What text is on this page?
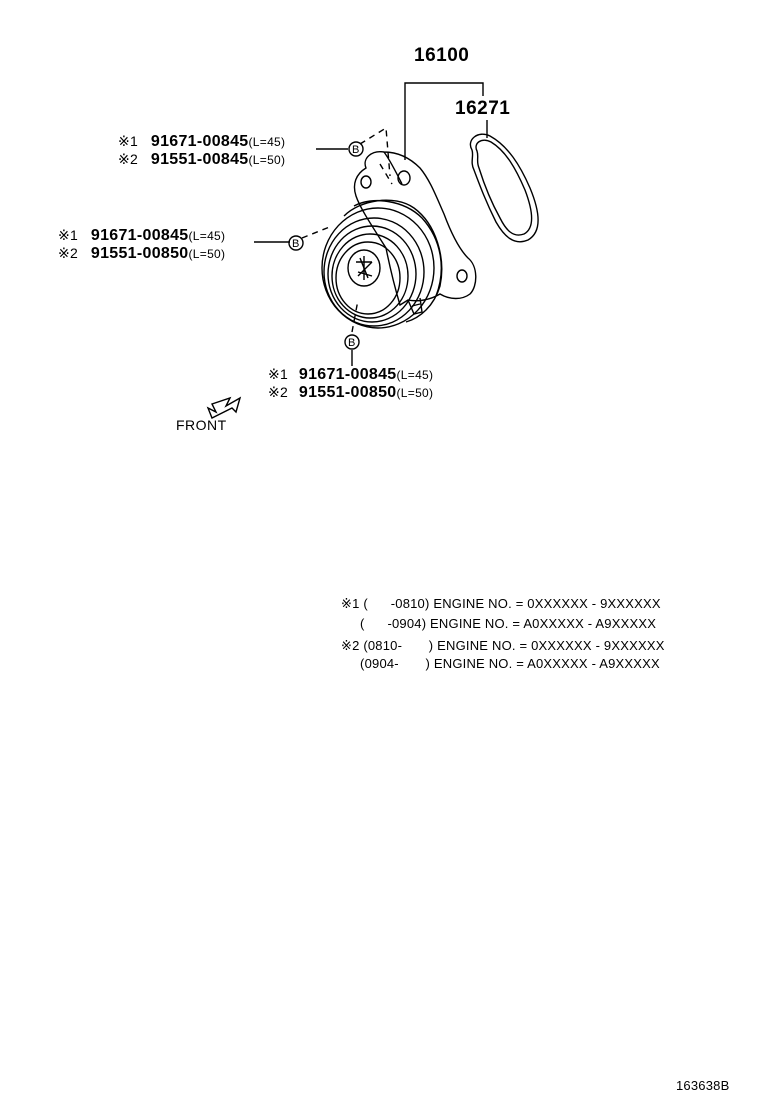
B
B
B
16100
16271
※1 91671-00845(L=45)
※2 91551-00845(L=50)
※1 91671-00845(L=45)
※2 91551-00850(L=50)
※1 91671-00845(L=45)
※2 91551-00850(L=50)
FRONT
※1 (      -0810) ENGINE NO. = 0XXXXXX - 9XXXXXX
(      -0904) ENGINE NO. = A0XXXXX - A9XXXXX
※2 (0810-       ) ENGINE NO. = 0XXXXXX - 9XXXXXX
(0904-       ) ENGINE NO. = A0XXXXX - A9XXXXX
163638B
